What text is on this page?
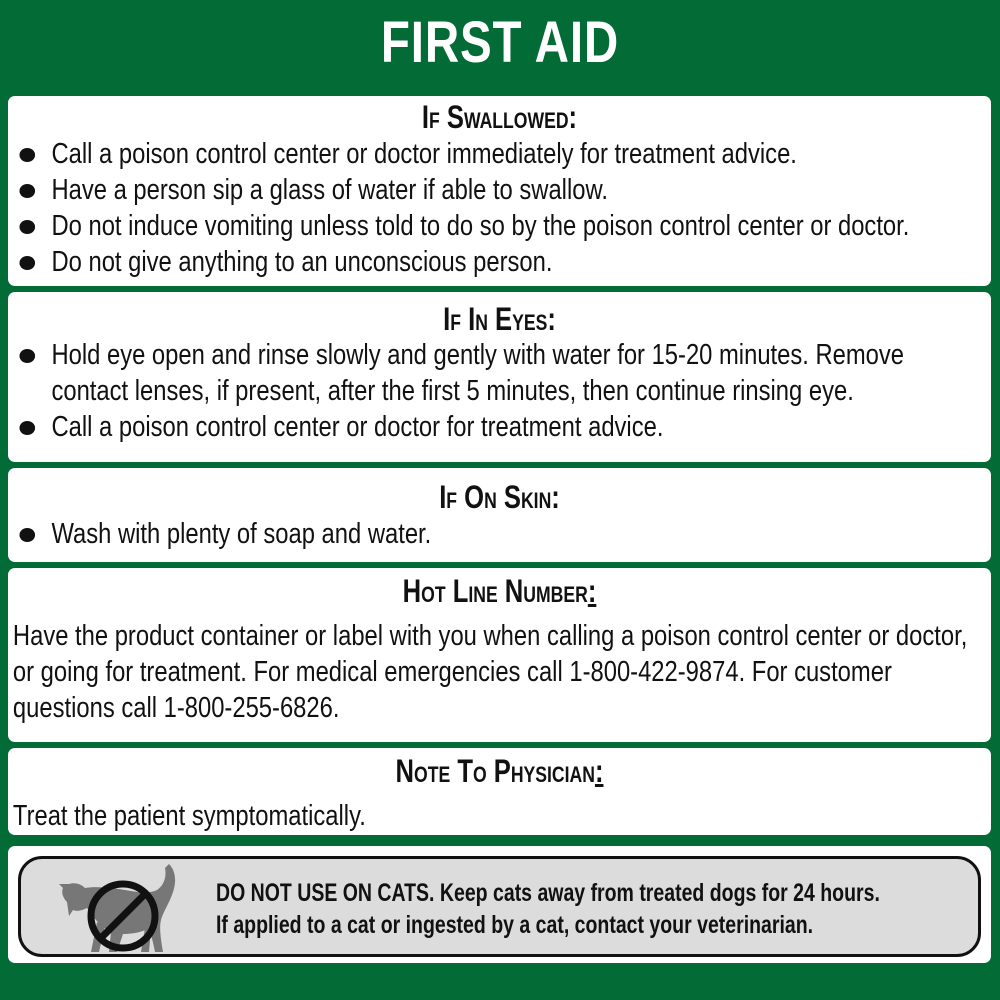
FIRST AID
If Swallowed:
Call a poison control center or doctor immediately for treatment advice.
Have a person sip a glass of water if able to swallow.
Do not induce vomiting unless told to do so by the poison control center or doctor.
Do not give anything to an unconscious person.
If In Eyes:
Hold eye open and rinse slowly and gently with water for 15-20 minutes. Remove contact lenses, if present, after the first 5 minutes, then continue rinsing eye.
Call a poison control center or doctor for treatment advice.
If On Skin:
Wash with plenty of soap and water.
Hot Line Number:
Have the product container or label with you when calling a poison control center or doctor, or going for treatment. For medical emergencies call 1-800-422-9874. For customer questions call 1-800-255-6826.
Note To Physician:
Treat the patient symptomatically.
DO NOT USE ON CATS. Keep cats away from treated dogs for 24 hours. If applied to a cat or ingested by a cat, contact your veterinarian.
